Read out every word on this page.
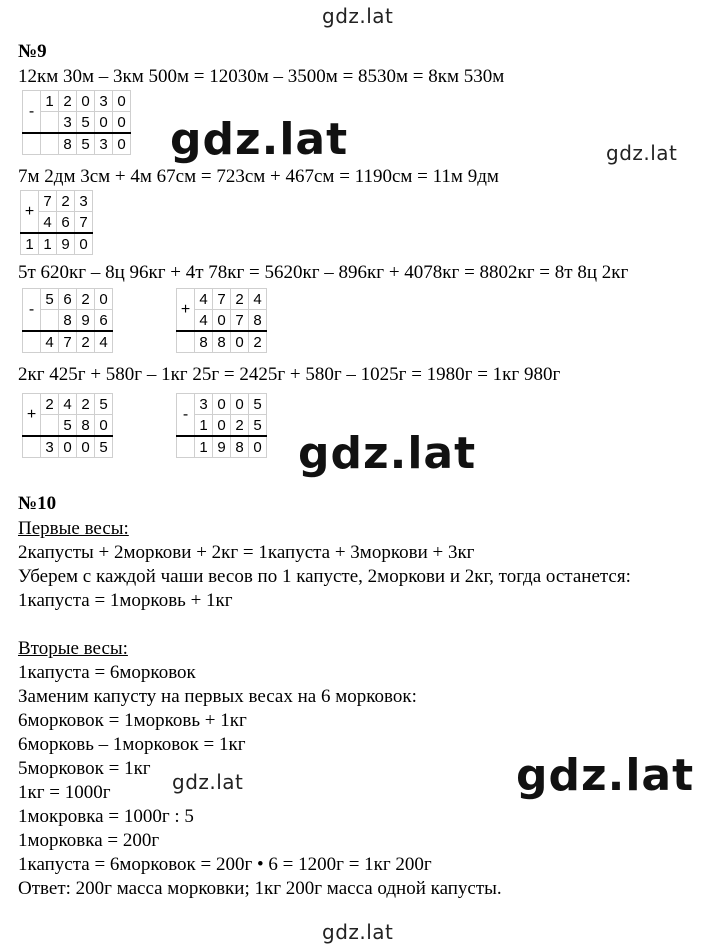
gdz.lat
gdz.lat	gdz.lat
gdz.lat
gdz.lat
gdz.lat
gdz.lat
№9
12км 30м – 3км 500м = 12030м – 3500м = 8530м = 8км 530м
-	1	2	0	3	0
		3	5	0	0
		8	5	3	0
7м 2дм 3см + 4м 67см = 723см + 467см = 1190см = 11м 9дм
+	7	2	3
	4	6	7
1	1	9	0
5т 620кг – 8ц 96кг + 4т 78кг = 5620кг – 896кг + 4078кг = 8802кг = 8т 8ц 2кг
-	5	6	2	0
		8	9	6
	4	7	2	4
+	4	7	2	4
	4	0	7	8
	8	8	0	2
2кг 425г + 580г – 1кг 25г = 2425г + 580г – 1025г = 1980г = 1кг 980г
+	2	4	2	5
		5	8	0
	3	0	0	5
-	3	0	0	5
	1	0	2	5
	1	9	8	0
№10
Первые весы:
2капусты + 2моркови + 2кг = 1капуста + 3моркови + 3кг
Уберем с каждой чаши весов по 1 капусте, 2моркови и 2кг, тогда останется:
1капуста = 1морковь + 1кг
Вторые весы:
1капуста = 6морковок
Заменим капусту на первых весах на 6 морковок:
6морковок = 1морковь + 1кг
6морковь – 1морковок = 1кг
5морковок = 1кг
1кг = 1000г
1мокровка = 1000г : 5
1морковка = 200г
1капуста = 6морковок = 200г • 6 = 1200г = 1кг 200г
Ответ: 200г масса морковки; 1кг 200г масса одной капусты.
